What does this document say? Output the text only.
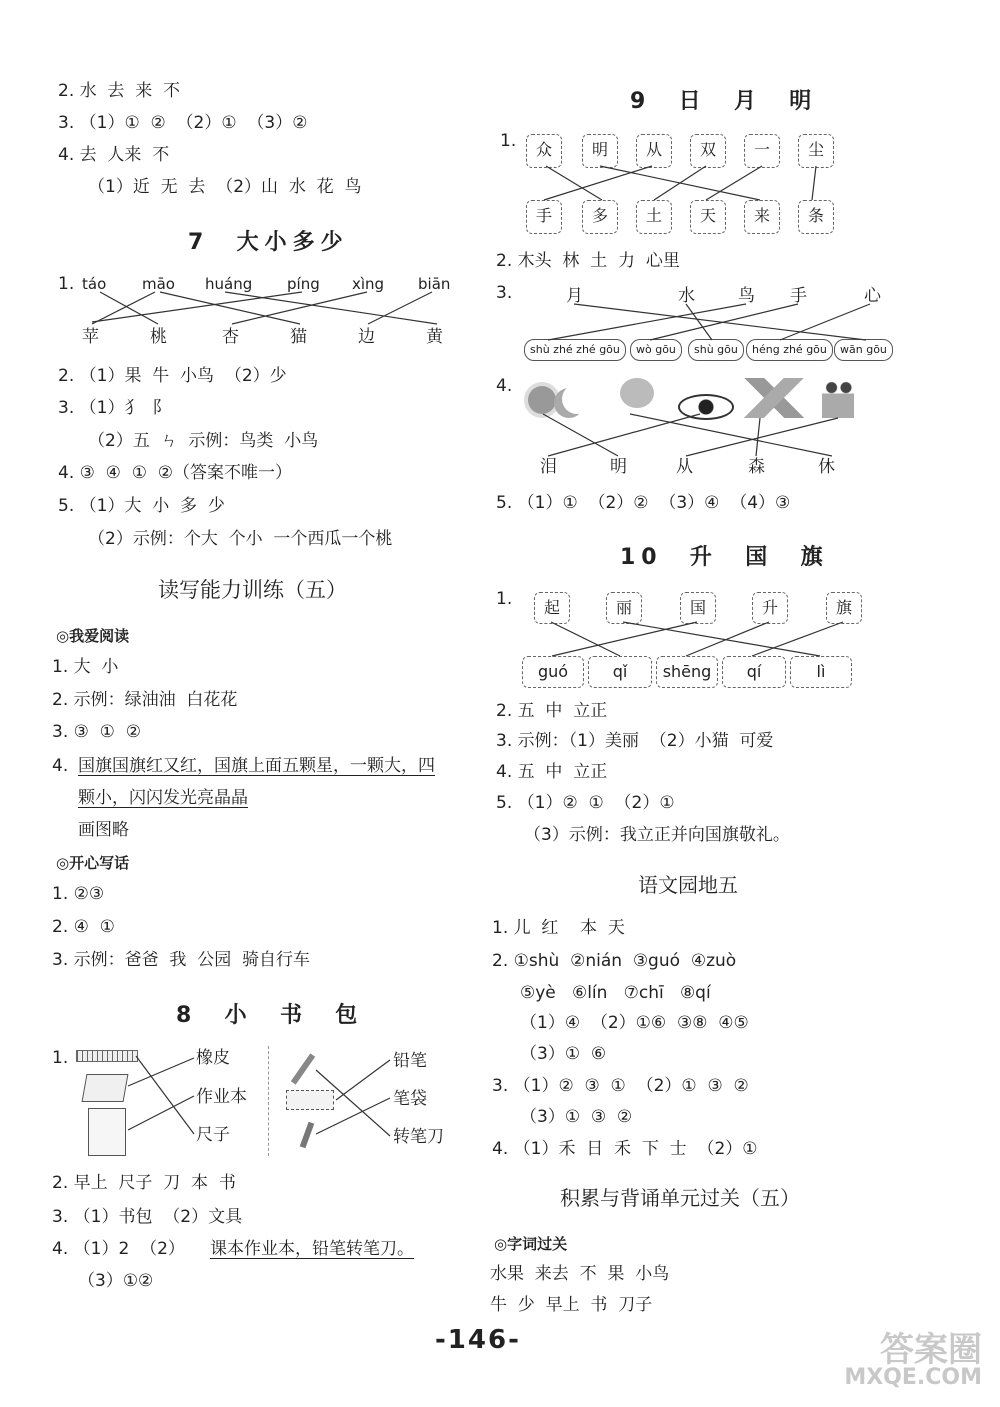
2. 水  去  来  不
3. （1）①  ②  （2）①  （3）②
4. 去  人来  不
（1）近  无  去  （2）山  水  花  鸟
7  大小多少
1. táo māo huáng píng xìng biān
苹	桃	杏	猫	边	黄
2. （1）果  牛  小鸟  （2）少
3. （1）犭  阝
（2）五  ㄣ  示例：鸟类  小鸟
4. ③  ④  ①  ②（答案不唯一）
5. （1）大  小  多  少
（2）示例：个大  个小  一个西瓜一个桃
读写能力训练（五）
◎我爱阅读
1. 大  小
2. 示例：绿油油  白花花
3. ③  ①  ②
4. 国旗国旗红又红，国旗上面五颗星，一颗大，四
颗小，闪闪发光亮晶晶
画图略
◎开心写话
1. ②③
2. ④  ①
3. 示例：爸爸  我  公园  骑自行车
8  小  书  包
1.	橡皮
作业本
尺子
铅笔
笔袋
转笔刀
2. 早上  尺子  刀  本  书
3. （1）书包  （2）文具
4. （1）2  （2） 课本作业本，铅笔转笔刀。
（3）①②
9  日  月  明
1.	众	明	从	双	一	尘
手	多	土	天	来	条
2. 木头  林  土  力  心里
3.	月	水	鸟 手	心
shù zhé zhé gōu	wò gōu	shù gōu	héng zhé gōu	wān gōu
4.
泪	明	从	森	休
5. （1）①  （2）②  （3）④  （4）③
10  升  国  旗
1.	起	丽	国	升	旗
guó	qǐ	shēng	qí	lì
2. 五  中  立正
3. 示例：（1）美丽  （2）小猫  可爱
4. 五  中  立正
5. （1）②  ①  （2）①
（3）示例：我立正并向国旗敬礼。
语文园地五
1. 儿  红    本  天
2. ①shù  ②nián  ③guó  ④zuò
⑤yè   ⑥lín   ⑦chī   ⑧qí
（1）④  （2）①⑥  ③⑧  ④⑤
（3）①  ⑥
3. （1）②  ③  ①  （2）①  ③  ②
（3）①  ③  ②
4. （1）禾  日  禾  下  士  （2）①
积累与背诵单元过关（五）
◎字词过关
水果  来去  不  果  小鸟
牛  少  早上  书  刀子
-146-	答案圈
MXQE.COM
